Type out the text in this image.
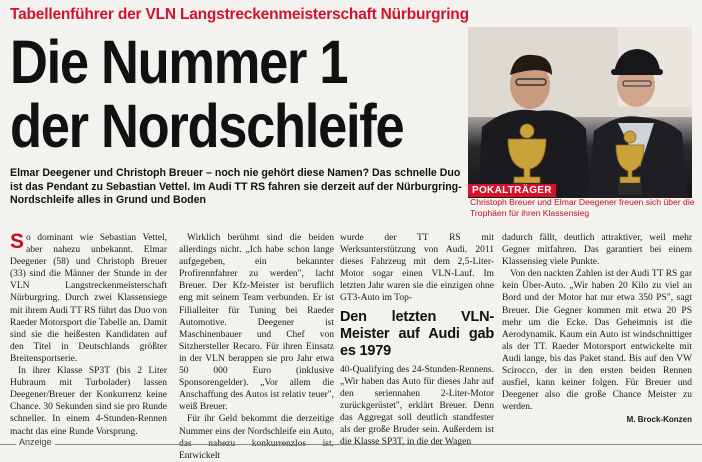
Tabellenführer der VLN Langstreckenmeisterschaft Nürburgring
Die Nummer 1
der Nordschleife
POKALTRÄGER
Christoph Breuer und Elmar Deegener freuen sich über die Trophäen für ihren Klassensieg
Elmar Deegener und Christoph Breuer – noch nie gehört diese Namen? Das schnelle Duo ist das Pendant zu Sebastian Vettel. Im Audi TT RS fahren sie derzeit auf der Nürburgring-Nordschleife alles in Grund und Boden

So dominant wie Sebastian Vettel, aber nahezu unbekannt. Elmar Deegener (58) und Christoph Breuer (33) sind die Männer der Stunde in der VLN Langstreckenmeisterschaft Nürburgring. Durch zwei Klassensiege mit ihrem Audi TT RS führt das Duo von Raeder Motorsport die Tabelle an. Damit sind sie die heißesten Kandidaten auf den Titel in Deutschlands größter Breitensportserie.

In ihrer Klasse SP3T (bis 2 Liter Hubraum mit Turbolader) lassen Deegener/Breuer der Konkurrenz keine Chance. 30 Sekunden sind sie pro Runde schneller. In einem 4-Stunden-Rennen macht das eine Runde Vorsprung.

Wirklich berühmt sind die beiden allerdings nicht. „Ich habe schon lange aufgegeben, ein bekannter Profirennfahrer zu werden", lacht Breuer. Der Kfz-Meister ist beruflich eng mit seinem Team verbunden. Er ist Filialleiter für Tuning bei Raeder Automotive. Deegener ist Maschinenbauer und Chef von Sitzhersteller Recaro. Für ihren Einsatz in der VLN berappen sie pro Jahr etwa 50 000 Euro (inklusive Sponsorengelder). „Vor allem die Anschaffung des Autos ist relativ teuer", weiß Breuer.

Für ihr Geld bekommt die derzeitige Nummer eins der Nordschleife ein Auto, das nahezu konkurrenzlos ist. Entwickelt

wurde der TT RS mit Werksunterstützung von Audi. 2011 dieses Fahrzeug mit dem 2,5-Liter-Motor sogar einen VLN-Lauf. Im letzten Jahr waren sie die einzigen ohne GT3-Auto im Top-

Den letzten VLN-Meister auf Audi gab es 1979

40-Qualifying des 24-Stunden-Rennens. „Wir haben das Auto für dieses Jahr auf den seriennahen 2-Liter-Motor zurückgerüstet", erklärt Breuer. Denn das Aggregat soll deutlich standfester als der große Bruder sein. Außerdem ist die Klasse SP3T, in die der Wagen

dadurch fällt, deutlich attraktiver, weil mehr Gegner mitfahren. Das garantiert bei einem Klassensieg viele Punkte.

Von den nackten Zahlen ist der Audi TT RS gar kein Über-Auto. „Wir haben 20 Kilo zu viel an Bord und der Motor hat nur etwa 350 PS", sagt Breuer. Die Gegner kommen mit etwa 20 PS mehr um die Ecke. Das Geheimnis ist die Aerodynamik. Kaum ein Auto ist windschnittiger als der TT. Raeder Motorsport entwickelte mit Audi lange, bis das Paket stand. Bis auf den VW Scirocco, der in den ersten beiden Rennen ausfiel, kann keiner folgen. Für Breuer und Deegener also die große Chance Meister zu werden.

M. Brock-Konzen
Anzeige
